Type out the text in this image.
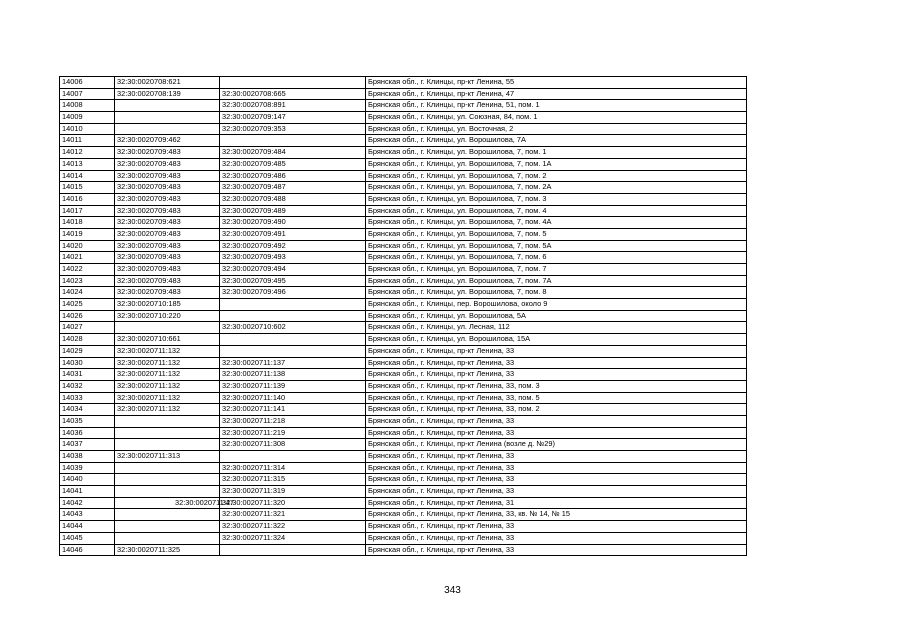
14006	32:30:0020708:621		Брянская обл., г. Клинцы, пр-кт Ленина, 55
14007	32:30:0020708:139	32:30:0020708:665	Брянская обл., г. Клинцы, пр-кт Ленина, 47
14008		32:30:0020708:891	Брянская обл., г. Клинцы, пр-кт Ленина, 51, пом. 1
14009		32:30:0020709:147	Брянская обл., г. Клинцы, ул. Союзная, 84, пом. 1
14010		32:30:0020709:353	Брянская обл., г. Клинцы, ул. Восточная, 2
14011	32:30:0020709:462		Брянская обл., г. Клинцы, ул. Ворошилова, 7А
14012	32:30:0020709:483	32:30:0020709:484	Брянская обл., г. Клинцы, ул. Ворошилова, 7, пом. 1
14013	32:30:0020709:483	32:30:0020709:485	Брянская обл., г. Клинцы, ул. Ворошилова, 7, пом. 1А
14014	32:30:0020709:483	32:30:0020709:486	Брянская обл., г. Клинцы, ул. Ворошилова, 7, пом. 2
14015	32:30:0020709:483	32:30:0020709:487	Брянская обл., г. Клинцы, ул. Ворошилова, 7, пом. 2А
14016	32:30:0020709:483	32:30:0020709:488	Брянская обл., г. Клинцы, ул. Ворошилова, 7, пом. 3
14017	32:30:0020709:483	32:30:0020709:489	Брянская обл., г. Клинцы, ул. Ворошилова, 7, пом. 4
14018	32:30:0020709:483	32:30:0020709:490	Брянская обл., г. Клинцы, ул. Ворошилова, 7, пом. 4А
14019	32:30:0020709:483	32:30:0020709:491	Брянская обл., г. Клинцы, ул. Ворошилова, 7, пом. 5
14020	32:30:0020709:483	32:30:0020709:492	Брянская обл., г. Клинцы, ул. Ворошилова, 7, пом. 5А
14021	32:30:0020709:483	32:30:0020709:493	Брянская обл., г. Клинцы, ул. Ворошилова, 7, пом. 6
14022	32:30:0020709:483	32:30:0020709:494	Брянская обл., г. Клинцы, ул. Ворошилова, 7, пом. 7
14023	32:30:0020709:483	32:30:0020709:495	Брянская обл., г. Клинцы, ул. Ворошилова, 7, пом. 7А
14024	32:30:0020709:483	32:30:0020709:496	Брянская обл., г. Клинцы, ул. Ворошилова, 7, пом. 8
14025	32:30:0020710:185		Брянская обл., г. Клинцы, пер. Ворошилова, около 9
14026	32:30:0020710:220		Брянская обл., г. Клинцы, ул. Ворошилова, 5А
14027		32:30:0020710:602	Брянская обл., г. Клинцы, ул. Лесная, 112
14028	32:30:0020710:661		Брянская обл., г. Клинцы, ул. Ворошилова, 15А
14029	32:30:0020711:132		Брянская обл., г. Клинцы, пр-кт Ленина, 33
14030	32:30:0020711:132	32:30:0020711:137	Брянская обл., г. Клинцы, пр-кт Ленина, 33
14031	32:30:0020711:132	32:30:0020711:138	Брянская обл., г. Клинцы, пр-кт Ленина, 33
14032	32:30:0020711:132	32:30:0020711:139	Брянская обл., г. Клинцы, пр-кт Ленина, 33, пом. 3
14033	32:30:0020711:132	32:30:0020711:140	Брянская обл., г. Клинцы, пр-кт Ленина, 33, пом. 5
14034	32:30:0020711:132	32:30:0020711:141	Брянская обл., г. Клинцы, пр-кт Ленина, 33, пом. 2
14035		32:30:0020711:218	Брянская обл., г. Клинцы, пр-кт Ленина, 33
14036		32:30:0020711:219	Брянская обл., г. Клинцы, пр-кт Ленина, 33
14037		32:30:0020711:308	Брянская обл., г. Клинцы, пр-кт Ленина (возле д. №29)
14038	32:30:0020711:313		Брянская обл., г. Клинцы, пр-кт Ленина, 33
14039		32:30:0020711:314	Брянская обл., г. Клинцы, пр-кт Ленина, 33
14040		32:30:0020711:315	Брянская обл., г. Клинцы, пр-кт Ленина, 33
14041		32:30:0020711:319	Брянская обл., г. Клинцы, пр-кт Ленина, 33
14042	32:30:0020711:47	32:30:0020711:320	Брянская обл., г. Клинцы, пр-кт Ленина, 31
14043		32:30:0020711:321	Брянская обл., г. Клинцы, пр-кт Ленина, 33, кв. № 14, № 15
14044		32:30:0020711:322	Брянская обл., г. Клинцы, пр-кт Ленина, 33
14045		32:30:0020711:324	Брянская обл., г. Клинцы, пр-кт Ленина, 33
14046	32:30:0020711:325		Брянская обл., г. Клинцы, пр-кт Ленина, 33
343
